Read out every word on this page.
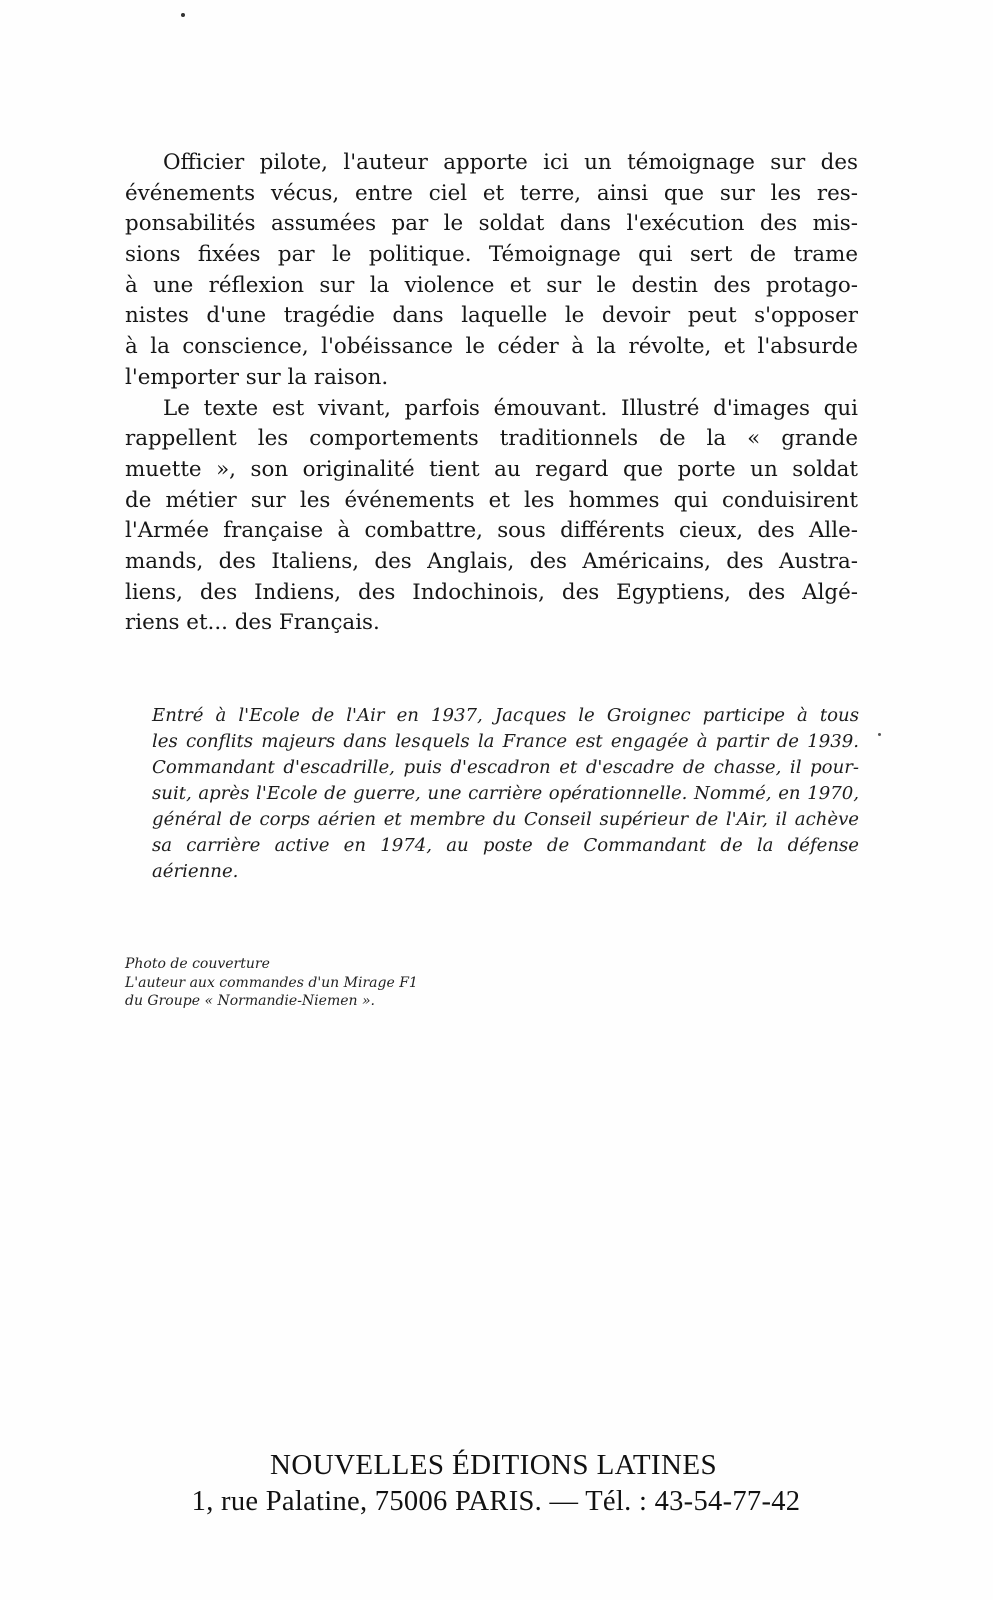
Officier pilote, l'auteur apporte ici un témoignage sur des
événements vécus, entre ciel et terre, ainsi que sur les res-
ponsabilités assumées par le soldat dans l'exécution des mis-
sions fixées par le politique. Témoignage qui sert de trame
à une réflexion sur la violence et sur le destin des protago-
nistes d'une tragédie dans laquelle le devoir peut s'opposer
à la conscience, l'obéissance le céder à la révolte, et l'absurde
l'emporter sur la raison.
Le texte est vivant, parfois émouvant. Illustré d'images qui
rappellent les comportements traditionnels de la « grande
muette », son originalité tient au regard que porte un soldat
de métier sur les événements et les hommes qui conduisirent
l'Armée française à combattre, sous différents cieux, des Alle-
mands, des Italiens, des Anglais, des Américains, des Austra-
liens, des Indiens, des Indochinois, des Egyptiens, des Algé-
riens et... des Français.
Entré à l'Ecole de l'Air en 1937, Jacques le Groignec participe à tous
les conflits majeurs dans lesquels la France est engagée à partir de 1939.
Commandant d'escadrille, puis d'escadron et d'escadre de chasse, il pour-
suit, après l'Ecole de guerre, une carrière opérationnelle. Nommé, en 1970,
général de corps aérien et membre du Conseil supérieur de l'Air, il achève
sa carrière active en 1974, au poste de Commandant de la défense
aérienne.
Photo de couverture
L'auteur aux commandes d'un Mirage F1
du Groupe « Normandie-Niemen ».
NOUVELLES ÉDITIONS LATINES
1, rue Palatine, 75006 PARIS. — Tél. : 43-54-77-42
